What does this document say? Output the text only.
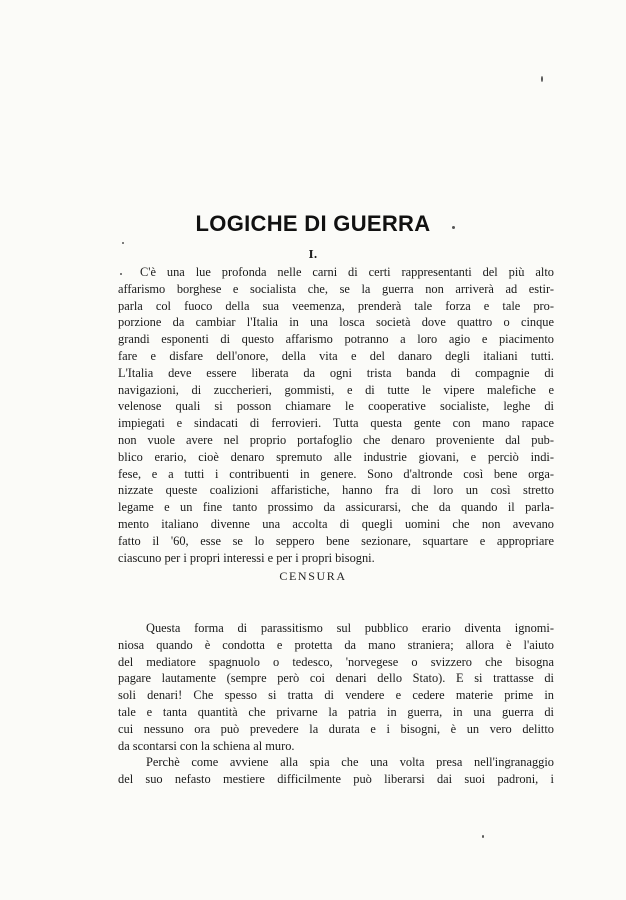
LOGICHE DI GUERRA
I.
C'è una lue profonda nelle carni di certi rappresentanti del più alto
affarismo borghese e socialista che, se la guerra non arriverà ad estir-
parla col fuoco della sua veemenza, prenderà tale forza e tale pro-
porzione da cambiar l'Italia in una losca società dove quattro o cinque
grandi esponenti di questo affarismo potranno a loro agio e piacimento
fare e disfare dell'onore, della vita e del danaro degli italiani tutti.
L'Italia deve essere liberata da ogni trista banda di compagnie di
navigazioni, di zuccherieri, gommisti, e di tutte le vipere malefiche e
velenose quali si posson chiamare le cooperative socialiste, leghe di
impiegati e sindacati di ferrovieri. Tutta questa gente con mano rapace
non vuole avere nel proprio portafoglio che denaro proveniente dal pub-
blico erario, cioè denaro spremuto alle industrie giovani, e perciò indi-
fese, e a tutti i contribuenti in genere. Sono d'altronde così bene orga-
nizzate queste coalizioni affaristiche, hanno fra di loro un così stretto
legame e un fine tanto prossimo da assicurarsi, che da quando il parla-
mento italiano divenne una accolta di quegli uomini che non avevano
fatto il '60, esse se lo seppero bene sezionare, squartare e appropriare
ciascuno per i propri interessi e per i propri bisogni.
CENSURA
Questa forma di parassitismo sul pubblico erario diventa ignomi-
niosa quando è condotta e protetta da mano straniera; allora è l'aiuto
del mediatore spagnuolo o tedesco, 'norvegese o svizzero che bisogna
pagare lautamente (sempre però coi denari dello Stato). E si trattasse di
soli denari! Che spesso si tratta di vendere e cedere materie prime in
tale e tanta quantità che privarne la patria in guerra, in una guerra di
cui nessuno ora può prevedere la durata e i bisogni, è un vero delitto
da scontarsi con la schiena al muro.
Perchè come avviene alla spia che una volta presa nell'ingranaggio
del suo nefasto mestiere difficilmente può liberarsi dai suoi padroni, i
